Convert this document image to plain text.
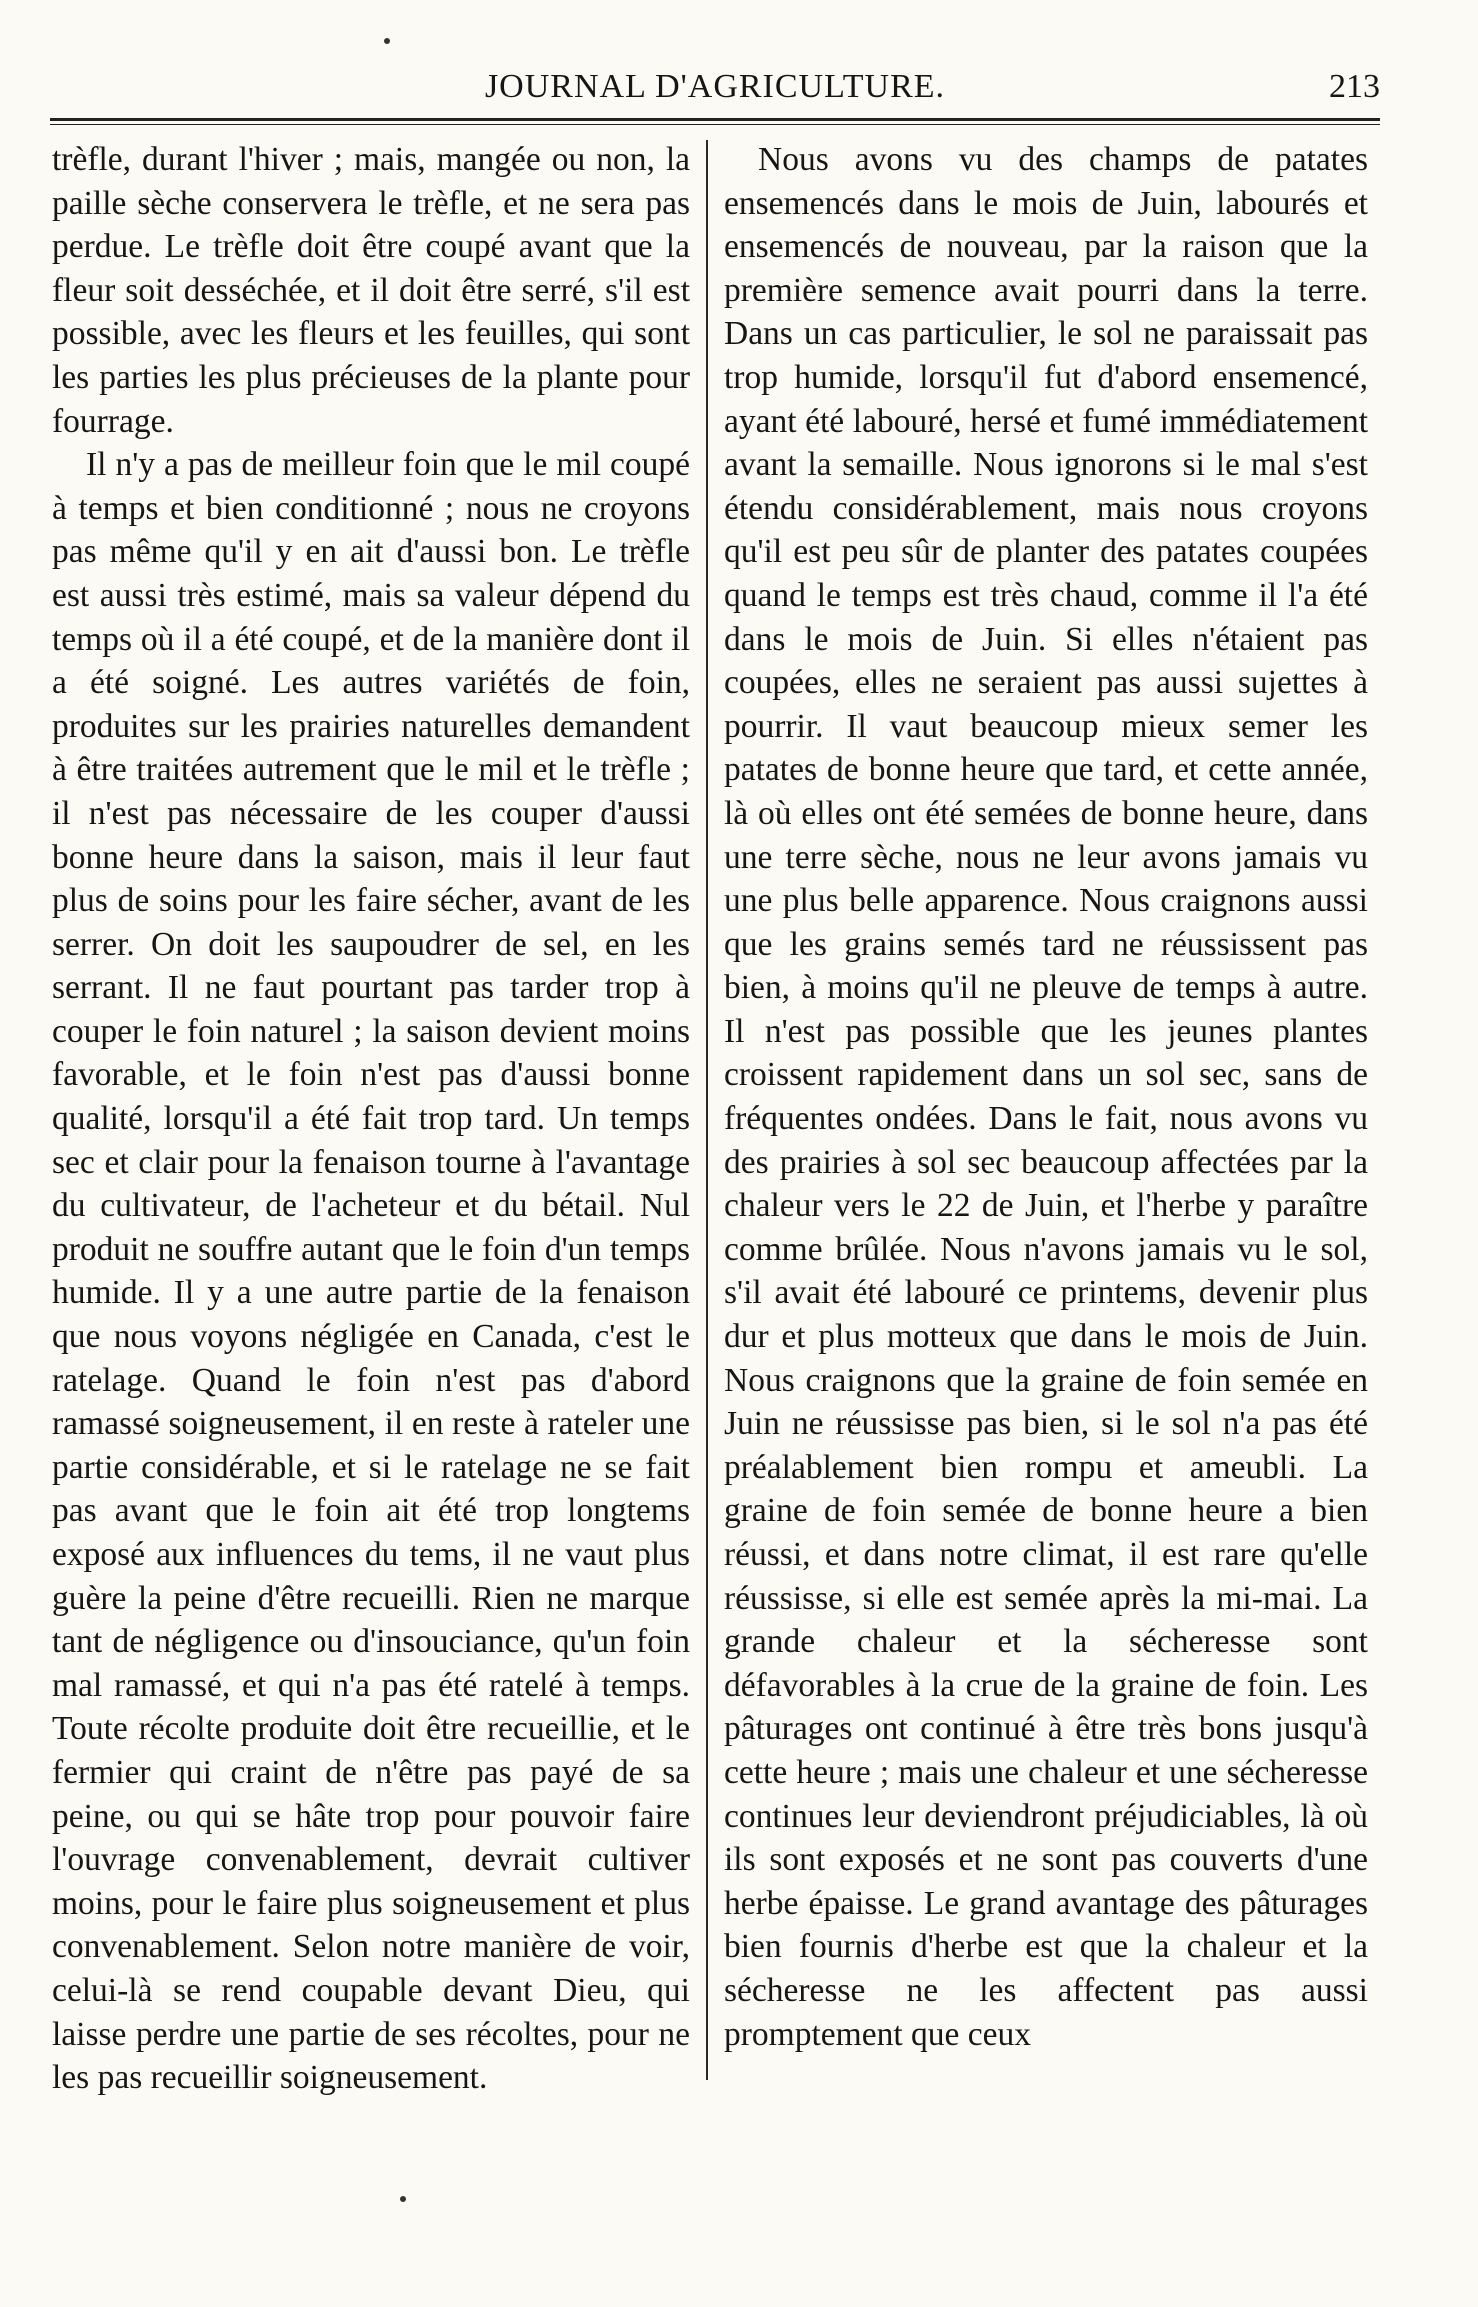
JOURNAL D'AGRICULTURE.	213

trèfle, durant l'hiver ; mais, mangée ou non, la paille sèche conservera le trèfle, et ne sera pas perdue. Le trèfle doit être coupé avant que la fleur soit desséchée, et il doit être serré, s'il est possible, avec les fleurs et les feuilles, qui sont les parties les plus précieuses de la plante pour fourrage.

Il n'y a pas de meilleur foin que le mil coupé à temps et bien conditionné ; nous ne croyons pas même qu'il y en ait d'aussi bon. Le trèfle est aussi très estimé, mais sa valeur dépend du temps où il a été coupé, et de la manière dont il a été soigné. Les autres variétés de foin, produites sur les prairies naturelles demandent à être traitées autrement que le mil et le trèfle ; il n'est pas nécessaire de les couper d'aussi bonne heure dans la saison, mais il leur faut plus de soins pour les faire sécher, avant de les serrer. On doit les saupoudrer de sel, en les serrant. Il ne faut pourtant pas tarder trop à couper le foin naturel ; la saison devient moins favorable, et le foin n'est pas d'aussi bonne qualité, lorsqu'il a été fait trop tard. Un temps sec et clair pour la fenaison tourne à l'avantage du cultivateur, de l'acheteur et du bétail. Nul produit ne souffre autant que le foin d'un temps humide. Il y a une autre partie de la fenaison que nous voyons négligée en Canada, c'est le ratelage. Quand le foin n'est pas d'abord ramassé soigneusement, il en reste à rateler une partie considérable, et si le ratelage ne se fait pas avant que le foin ait été trop longtems exposé aux influences du tems, il ne vaut plus guère la peine d'être recueilli. Rien ne marque tant de négligence ou d'insouciance, qu'un foin mal ramassé, et qui n'a pas été ratelé à temps. Toute récolte produite doit être recueillie, et le fermier qui craint de n'être pas payé de sa peine, ou qui se hâte trop pour pouvoir faire l'ouvrage convenablement, devrait cultiver moins, pour le faire plus soigneusement et plus convenablement. Selon notre manière de voir, celui-là se rend coupable devant Dieu, qui laisse perdre une partie de ses récoltes, pour ne les pas recueillir soigneusement.

Nous avons vu des champs de patates ensemencés dans le mois de Juin, labourés et ensemencés de nouveau, par la raison que la première semence avait pourri dans la terre. Dans un cas particulier, le sol ne paraissait pas trop humide, lorsqu'il fut d'abord ensemencé, ayant été labouré, hersé et fumé immédiatement avant la semaille. Nous ignorons si le mal s'est étendu considérablement, mais nous croyons qu'il est peu sûr de planter des patates coupées quand le temps est très chaud, comme il l'a été dans le mois de Juin. Si elles n'étaient pas coupées, elles ne seraient pas aussi sujettes à pourrir. Il vaut beaucoup mieux semer les patates de bonne heure que tard, et cette année, là où elles ont été semées de bonne heure, dans une terre sèche, nous ne leur avons jamais vu une plus belle apparence. Nous craignons aussi que les grains semés tard ne réussissent pas bien, à moins qu'il ne pleuve de temps à autre. Il n'est pas possible que les jeunes plantes croissent rapidement dans un sol sec, sans de fréquentes ondées. Dans le fait, nous avons vu des prairies à sol sec beaucoup affectées par la chaleur vers le 22 de Juin, et l'herbe y paraître comme brûlée. Nous n'avons jamais vu le sol, s'il avait été labouré ce printems, devenir plus dur et plus motteux que dans le mois de Juin. Nous craignons que la graine de foin semée en Juin ne réussisse pas bien, si le sol n'a pas été préalablement bien rompu et ameubli. La graine de foin semée de bonne heure a bien réussi, et dans notre climat, il est rare qu'elle réussisse, si elle est semée après la mi-mai. La grande chaleur et la sécheresse sont défavorables à la crue de la graine de foin. Les pâturages ont continué à être très bons jusqu'à cette heure ; mais une chaleur et une sécheresse continues leur deviendront préjudiciables, là où ils sont exposés et ne sont pas couverts d'une herbe épaisse. Le grand avantage des pâturages bien fournis d'herbe est que la chaleur et la sécheresse ne les affectent pas aussi promptement que ceux
